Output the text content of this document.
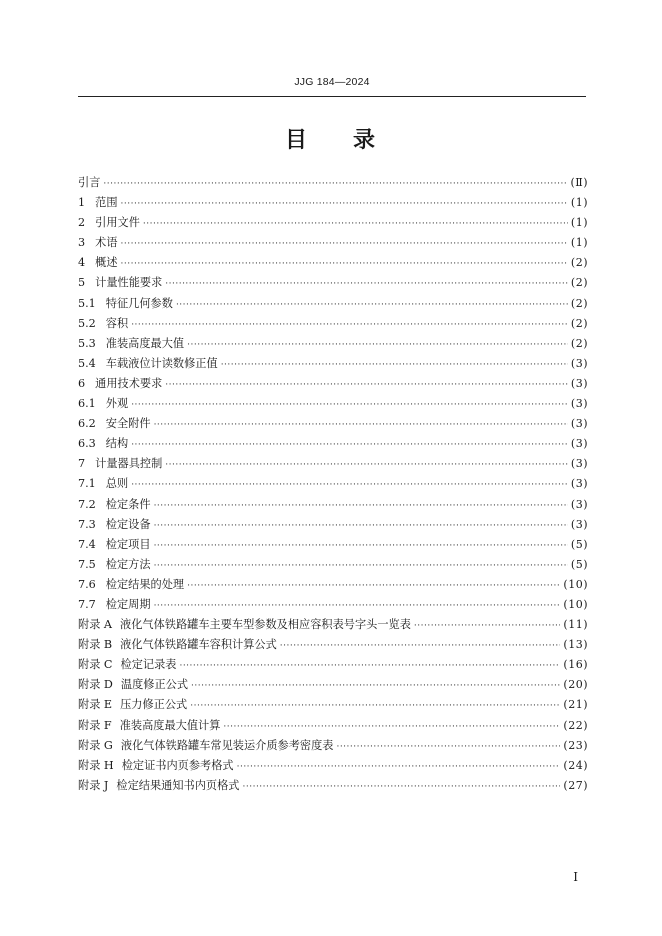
JJG 184—2024
目 录
引言 ·····	(Ⅱ)
1 范围 ·····	(1)
2 引用文件 ·····	(1)
3 术语 ·····	(1)
4 概述 ·····	(2)
5 计量性能要求 ·····	(2)
5.1 特征几何参数 ·····	(2)
5.2 容积 ·····	(2)
5.3 准装高度最大值 ·····	(2)
5.4 车载液位计读数修正值 ·····	(3)
6 通用技术要求 ·····	(3)
6.1 外观 ·····	(3)
6.2 安全附件 ·····	(3)
6.3 结构 ·····	(3)
7 计量器具控制 ·····	(3)
7.1 总则 ·····	(3)
7.2 检定条件 ·····	(3)
7.3 检定设备 ·····	(3)
7.4 检定项目 ·····	(5)
7.5 检定方法 ·····	(5)
7.6 检定结果的处理 ·····	(10)
7.7 检定周期 ·····	(10)
附录 A 液化气体铁路罐车主要车型参数及相应容积表号字头一览表 ·····	(11)
附录 B 液化气体铁路罐车容积计算公式 ·····	(13)
附录 C 检定记录表 ·····	(16)
附录 D 温度修正公式 ·····	(20)
附录 E 压力修正公式 ·····	(21)
附录 F 准装高度最大值计算 ·····	(22)
附录 G 液化气体铁路罐车常见装运介质参考密度表 ·····	(23)
附录 H 检定证书内页参考格式 ·····	(24)
附录 J 检定结果通知书内页格式 ·····	(27)
I
